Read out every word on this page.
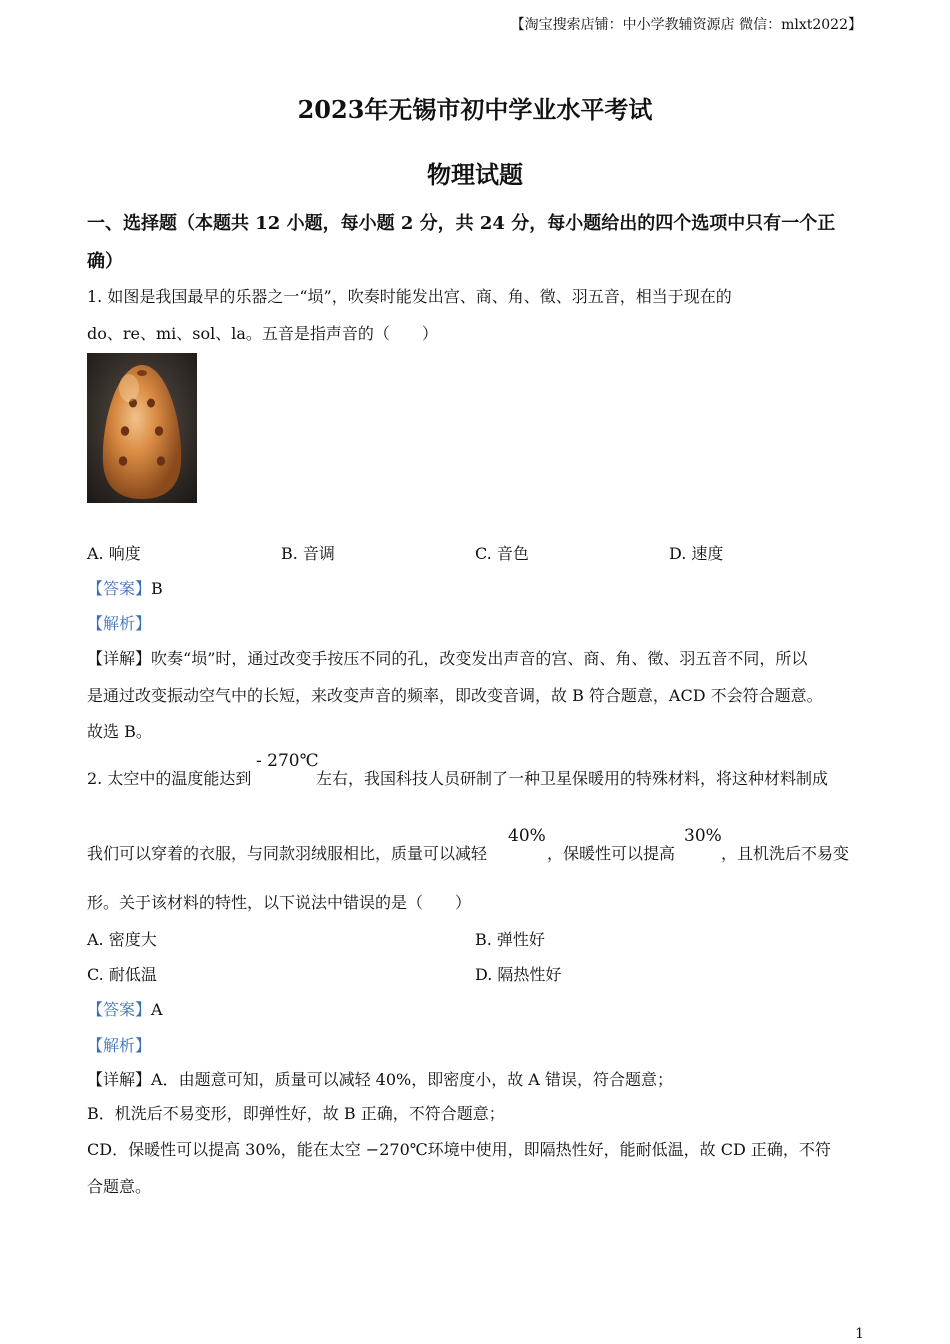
【淘宝搜索店铺：中小学教辅资源店 微信：mlxt2022】
2023年无锡市初中学业水平考试
物理试题
一、选择题（本题共 12 小题，每小题 2 分，共 24 分，每小题给出的四个选项中只有一个正
确）
1. 如图是我国最早的乐器之一“埙”，吹奏时能发出宫、商、角、徵、羽五音，相当于现在的
do、re、mi、sol、la。五音是指声音的（　　）
A. 响度	B. 音调	C. 音色	D. 速度
【答案】B
【解析】
【详解】吹奏“埙”时，通过改变手按压不同的孔，改变发出声音的宫、商、角、徵、羽五音不同，所以
是通过改变振动空气中的长短，来改变声音的频率，即改变音调，故 B 符合题意，ACD 不会符合题意。
故选 B。
2. 太空中的温度能达到
- 270℃
左右，我国科技人员研制了一种卫星保暖用的特殊材料，将这种材料制成
我们可以穿着的衣服，与同款羽绒服相比，质量可以减轻
40%
，保暖性可以提高
30%
，且机洗后不易变
形。关于该材料的特性，以下说法中错误的是（　　）
A. 密度大	B. 弹性好
C. 耐低温	D. 隔热性好
【答案】A
【解析】
【详解】A．由题意可知，质量可以减轻 40%，即密度小，故 A 错误，符合题意；
B．机洗后不易变形，即弹性好，故 B 正确，不符合题意；
CD．保暖性可以提高 30%，能在太空 −270℃环境中使用，即隔热性好，能耐低温，故 CD 正确，不符
合题意。
1
